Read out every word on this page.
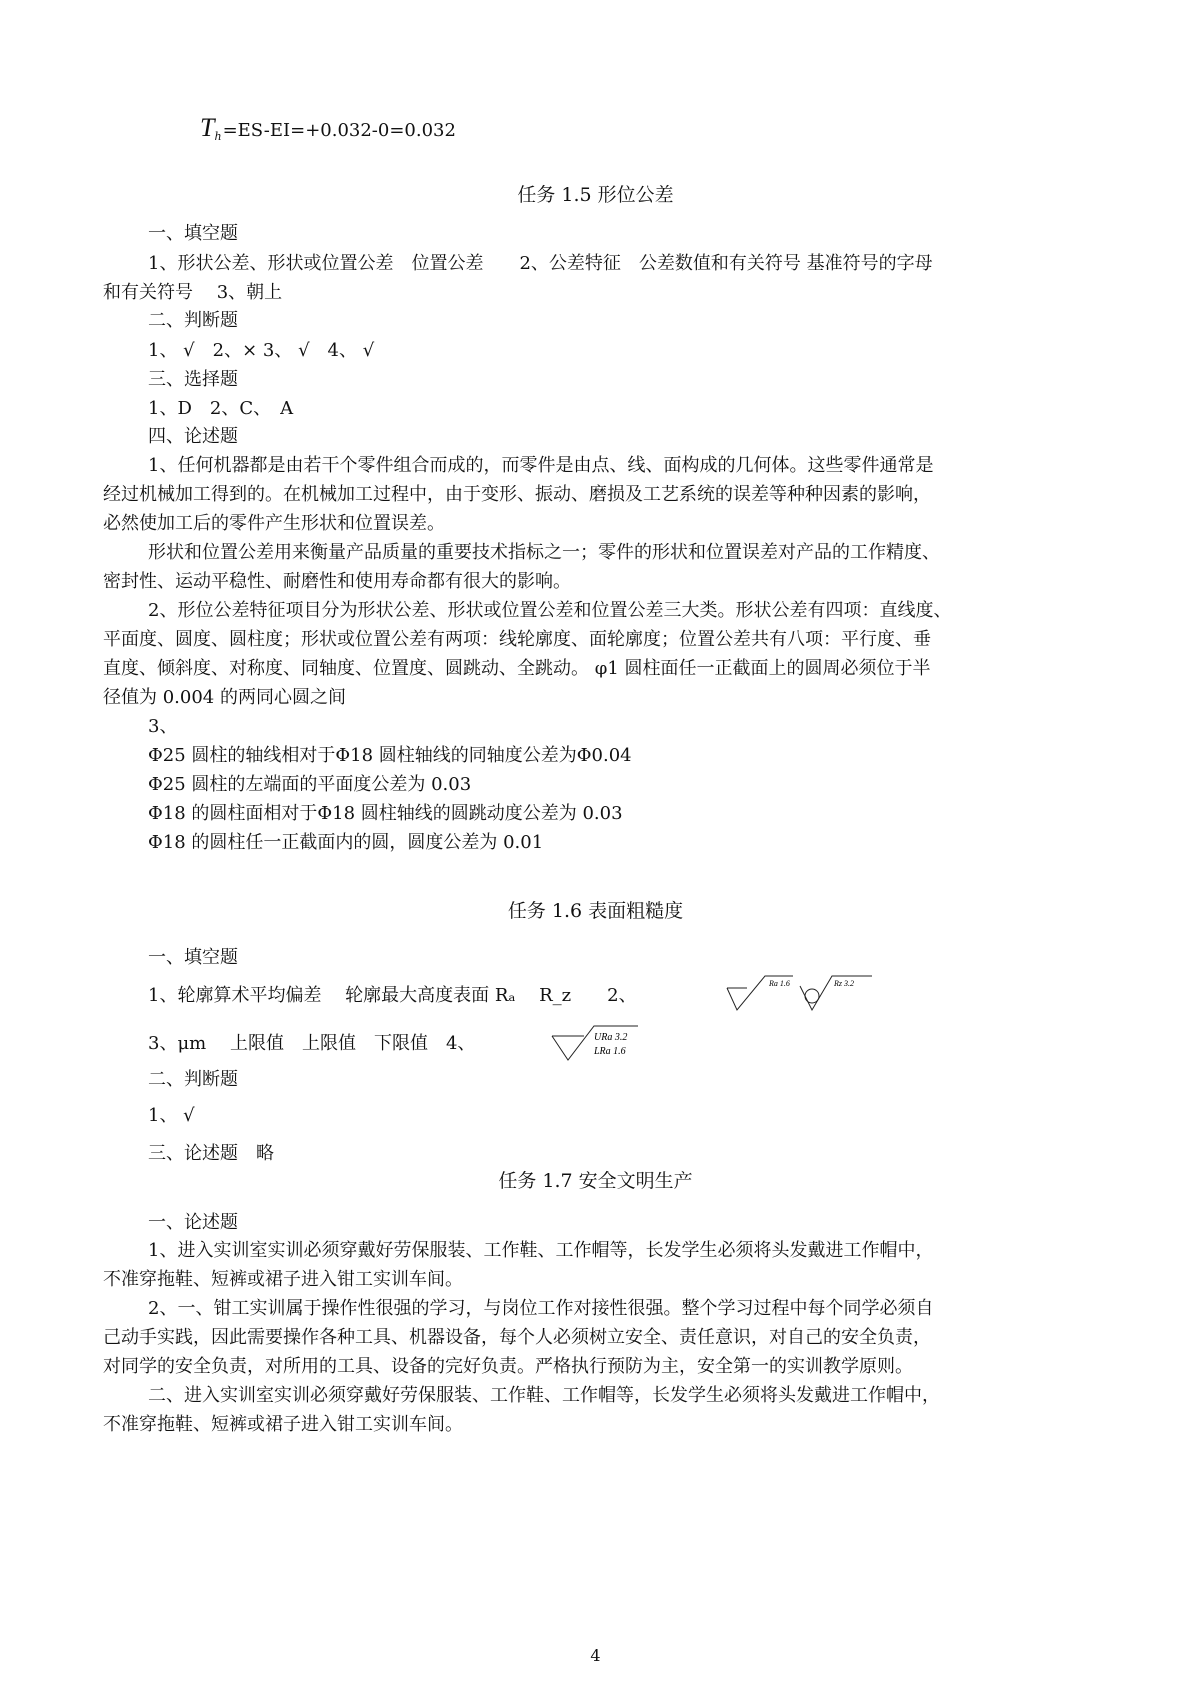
$T_h=ES-EI=+0.032-0=0.032$
任务 1.5 形位公差
一、填空题
1、形状公差、形状或位置公差　位置公差　　2、公差特征　公差数值和有关符号 基准符号的字母
和有关符号　 3、朝上
二、判断题
1、 √　2、× 3、 √　4、 √
三、选择题
1、D　2、C、　A
四、论述题
1、任何机器都是由若干个零件组合而成的，而零件是由点、线、面构成的几何体。这些零件通常是
经过机械加工得到的。在机械加工过程中，由于变形、振动、磨损及工艺系统的误差等种种因素的影响，
必然使加工后的零件产生形状和位置误差。
形状和位置公差用来衡量产品质量的重要技术指标之一；零件的形状和位置误差对产品的工作精度、
密封性、运动平稳性、耐磨性和使用寿命都有很大的影响。
2、形位公差特征项目分为形状公差、形状或位置公差和位置公差三大类。形状公差有四项：直线度、
平面度、圆度、圆柱度；形状或位置公差有两项：线轮廓度、面轮廓度；位置公差共有八项：平行度、垂
直度、倾斜度、对称度、同轴度、位置度、圆跳动、全跳动。 φ1 圆柱面任一正截面上的圆周必须位于半
径值为 0.004 的两同心圆之间
3、
Φ25 圆柱的轴线相对于Φ18 圆柱轴线的同轴度公差为Φ0.04
Φ25 圆柱的左端面的平面度公差为 0.03
Φ18 的圆柱面相对于Φ18 圆柱轴线的圆跳动度公差为 0.03
Φ18 的圆柱任一正截面内的圆，圆度公差为 0.01
任务 1.6 表面粗糙度
一、填空题
1、轮廓算术平均偏差　 轮廓最大高度表面 Rₐ　 R_z　　2、
Ra 1.6	Rz 3.2
3、μm　 上限值　上限值　下限值　4、	URa 3.2
LRa 1.6
二、判断题
1、 √
三、论述题　略
任务 1.7 安全文明生产
一、论述题
1、进入实训室实训必须穿戴好劳保服装、工作鞋、工作帽等，长发学生必须将头发戴进工作帽中，
不准穿拖鞋、短裤或裙子进入钳工实训车间。
2、一、钳工实训属于操作性很强的学习，与岗位工作对接性很强。整个学习过程中每个同学必须自
己动手实践，因此需要操作各种工具、机器设备，每个人必须树立安全、责任意识，对自己的安全负责，
对同学的安全负责，对所用的工具、设备的完好负责。严格执行预防为主，安全第一的实训教学原则。
二、进入实训室实训必须穿戴好劳保服装、工作鞋、工作帽等，长发学生必须将头发戴进工作帽中，
不准穿拖鞋、短裤或裙子进入钳工实训车间。
4
